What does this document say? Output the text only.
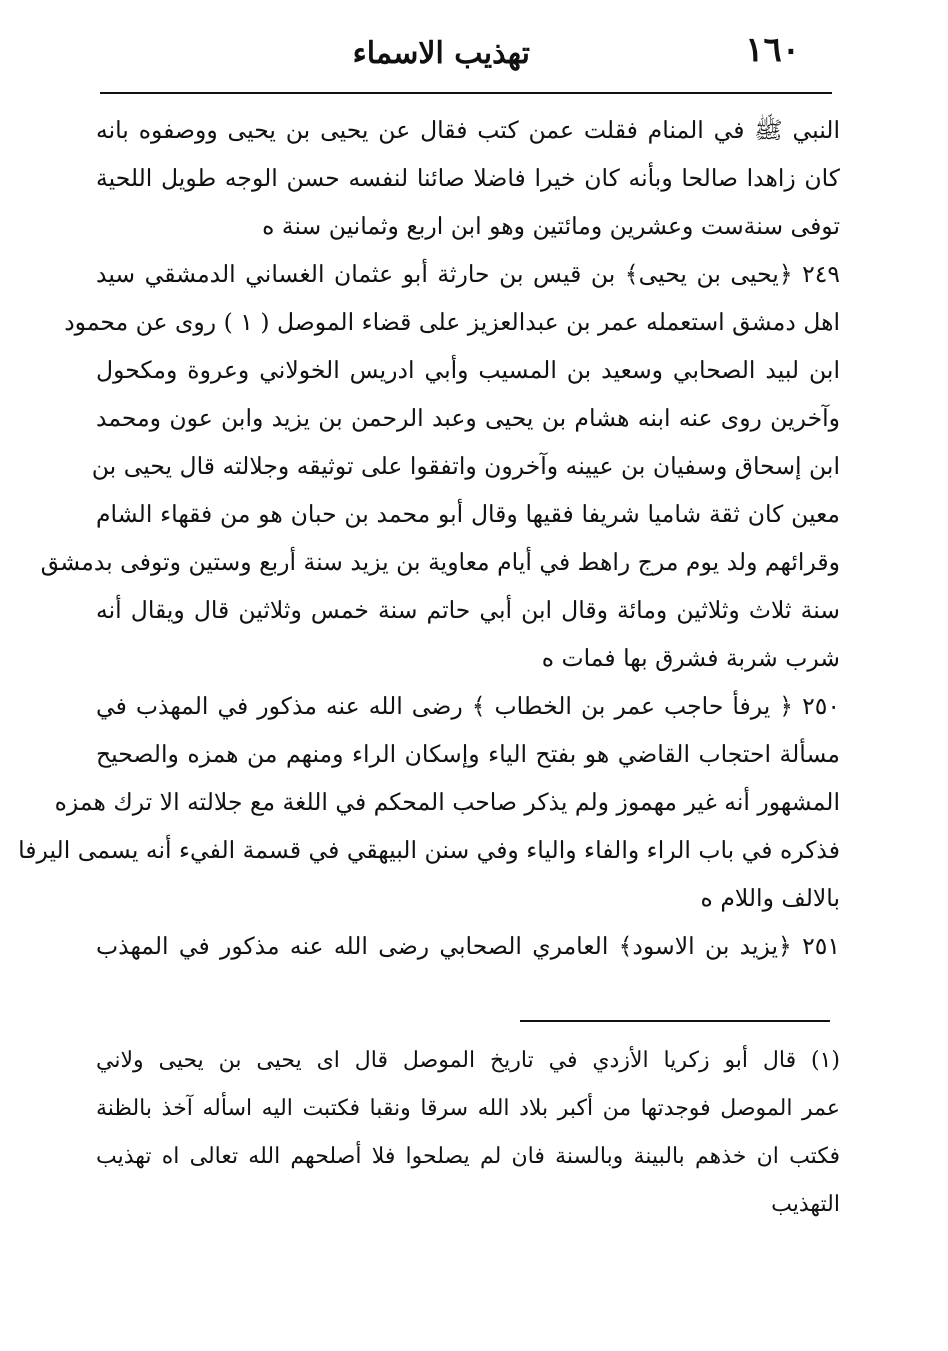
١٦٠
تهذيب الاسماء
النبي ﷺ في المنام فقلت عمن كتب فقال عن يحيى بن يحيى ووصفوه بانه
كان زاهدا صالحا وبأنه كان خيرا فاضلا صائنا لنفسه حسن الوجه طويل اللحية
توفى سنةست وعشرين ومائتين وهو ابن اربع وثمانين سنة ه
٢٤٩ ﴿يحيى بن يحيى﴾ بن قيس بن حارثة أبو عثمان الغساني الدمشقي سيد
اهل دمشق استعمله عمر بن عبدالعزيز على قضاء الموصل ( ١ ) روى عن محمود
ابن لبيد الصحابي وسعيد بن المسيب وأبي ادريس الخولاني وعروة ومكحول
وآخرين روى عنه ابنه هشام بن يحيى وعبد الرحمن بن يزيد وابن عون ومحمد
ابن إسحاق وسفيان بن عيينه وآخرون واتفقوا على توثيقه وجلالته قال يحيى بن
معين كان ثقة شاميا شريفا فقيها وقال أبو محمد بن حبان هو من فقهاء الشام
وقرائهم ولد يوم مرج راهط في أيام معاوية بن يزيد سنة أربع وستين وتوفى بدمشق
سنة ثلاث وثلاثين ومائة وقال ابن أبي حاتم سنة خمس وثلاثين قال ويقال أنه
شرب شربة فشرق بها فمات ه
٢٥٠ ﴿ يرفأ حاجب عمر بن الخطاب ﴾ رضى الله عنه مذكور في المهذب في
مسألة احتجاب القاضي هو بفتح الياء وإسكان الراء ومنهم من همزه والصحيح
المشهور أنه غير مهموز ولم يذكر صاحب المحكم في اللغة مع جلالته الا ترك همزه
فذكره في باب الراء والفاء والياء وفي سنن البيهقي في قسمة الفيء أنه يسمى اليرفا
بالالف واللام ه
٢٥١ ﴿يزيد بن الاسود﴾ العامري الصحابي رضى الله عنه مذكور في المهذب
(١) قال أبو زكريا الأزدي في تاريخ الموصل قال اى يحيى بن يحيى ولاني
عمر الموصل فوجدتها من أكبر بلاد الله سرقا ونقبا فكتبت اليه اسأله آخذ بالظنة
فكتب ان خذهم بالبينة وبالسنة فان لم يصلحوا فلا أصلحهم الله تعالى اه تهذيب
التهذيب
